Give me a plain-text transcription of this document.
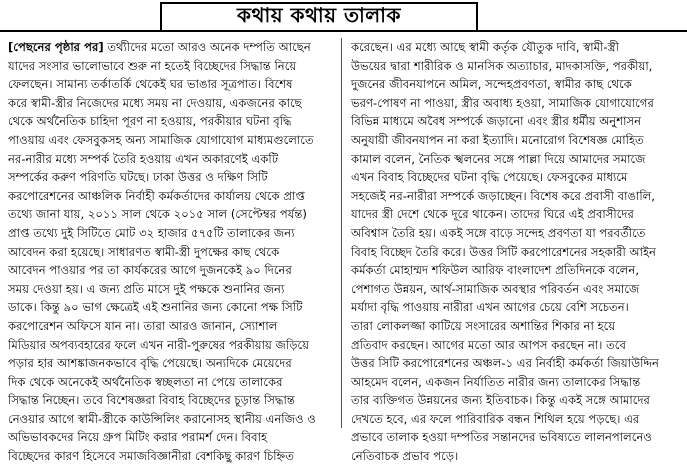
কথায় কথায় তালাক
[পেছনের পৃষ্ঠার পর] তথ্যীদের মতো আরও অনেক দম্পতি আছেন
যাদের সংসার ভালোভাবে শুরু না হতেই বিচ্ছেদের সিদ্ধান্ত নিয়ে
ফেলছেন। সামান্য তর্কাতর্কি থেকেই ঘর ভাঙার সূত্রপাত। বিশেষ
করে স্বামী-স্ত্রীর নিজেদের মধ্যে সময় না দেওয়ায়, একজনের কাছে
থেকে অর্থনৈতিক চাহিদা পূরণ না হওয়ায়, পরকীয়ার ঘটনা বৃদ্ধি
পাওয়ায় এবং ফেসবুকসহ অন্য সামাজিক যোগাযোগ মাধ্যমগুলোতে
নর-নারীর মধ্যে সম্পর্ক তৈরি হওয়ায় এখন অকারণেই একটি
সম্পর্কের করুণ পরিণতি ঘটছে। ঢাকা উত্তর ও দক্ষিণ সিটি
করপোরেশনের আঞ্চলিক নির্বাহী কর্মকর্তাদের কার্যালয় থেকে প্রাপ্ত
তথ্যে জানা যায়, ২০১১ সাল থেকে ২০১৫ সাল (সেপ্টেম্বর পর্যন্ত)
প্রাপ্ত তথ্যে দুই সিটিতে মোট ৩২ হাজার ৫৭৫টি তালাকের জন্য
আবেদন করা হয়েছে। সাধারণত স্বামী-স্ত্রী দুপক্ষের কাছ থেকে
আবেদন পাওয়ার পর তা কার্যকরের আগে দুজনকেই ৯০ দিনের
সময় দেওয়া হয়। এ জন্য প্রতি মাসে দুই পক্ষকে শুনানির জন্য
ডাকে। কিন্তু ৯০ ভাগ ক্ষেত্রেই এই শুনানির জন্য কোনো পক্ষ সিটি
করপোরেশন অফিসে যান না। তারা আরও জানান, স্যোশাল
মিডিয়ার অপব্যবহারের ফলে এখন নারী-পুরুষের পরকীয়ায় জড়িয়ে
পড়ার হার আশঙ্কাজনকভাবে বৃদ্ধি পেয়েছে। অন্যদিকে মেয়েদের
দিক থেকে অনেকেই অর্থনৈতিক স্বচ্ছলতা না পেয়ে তালাকের
সিদ্ধান্ত নিচ্ছেন। তবে বিশেষজ্ঞরা বিবাহ বিচ্ছেদের চূড়ান্ত সিদ্ধান্ত
নেওয়ার আগে স্বামী-স্ত্রীকে কাউন্সিলিং করানোসহ স্থানীয় এনজিও ও
অভিভাবকদের নিয়ে গ্রুপ মিটিং করার পরামর্শ দেন। বিবাহ
বিচ্ছেদের কারণ হিসেবে সমাজবিজ্ঞানীরা বেশকিছু কারণ চিহ্নিত
করেছেন। এর মধ্যে আছে স্বামী কর্তৃক যৌতুক দাবি, স্বামী-স্ত্রী
উভয়ের দ্বারা শারীরিক ও মানসিক অত্যাচার, মাদকাসক্তি, পরকীয়া,
দুজনের জীবনযাপনে অমিল, সন্দেহপ্রবণতা, স্বামীর কাছ থেকে
ভরণ-পোষণ না পাওয়া, স্ত্রীর অবাধ্য হওয়া, সামাজিক যোগাযোগের
বিভিন্ন মাধ্যমে অবৈধ সম্পর্কে জড়ানো এবং স্ত্রীর ধর্মীয় অনুশাসন
অনুযায়ী জীবনযাপন না করা ইত্যাদি। মনোরোগ বিশেষজ্ঞ মোহিত
কামাল বলেন, নৈতিক স্খলনের সঙ্গে পাল্লা দিয়ে আমাদের সমাজে
এখন বিবাহ বিচ্ছেদের ঘটনা বৃদ্ধি পেয়েছে। ফেসবুকের মাধ্যমে
সহজেই নর-নারীরা সম্পর্কে জড়াচ্ছেন। বিশেষ করে প্রবাসী বাঙালি,
যাদের স্ত্রী দেশে থেকে দূরে থাকেন। তাদের ঘিরে এই প্রবাসীদের
অবিশ্বাস তৈরি হয়। একই সঙ্গে বাড়ে সন্দেহ প্রবণতা যা পরবর্তীতে
বিবাহ বিচ্ছেদ তৈরি করে। উত্তর সিটি করপোরেশনের সহকারী আইন
কর্মকর্তা মোহাম্মদ শফিউল আরিফ বাংলাদেশ প্রতিদিনকে বলেন,
পেশাগত উন্নয়ন, আর্থ-সামাজিক অবস্থার পরিবর্তন এবং সমাজে
মর্যাদা বৃদ্ধি পাওয়ায় নারীরা এখন আগের চেয়ে বেশি সচেতন।
তারা লোকলজ্জা কাটিয়ে সংসারের অশান্তির শিকার না হয়ে
প্রতিবাদ করছেন। আগের মতো আর আপস করছেন না। তবে
উত্তর সিটি করপোরেশনের অঞ্চল-১ এর নির্বাহী কর্মকর্তা জিয়াউদ্দিন
আহমেদ বলেন, একজন নির্যাতিত নারীর জন্য তালাকের সিদ্ধান্ত
তার ব্যক্তিগত উন্নয়নের জন্য ইতিবাচক। কিন্তু একই সঙ্গে আমাদের
দেখতে হবে, এর ফলে পারিবারিক বন্ধন শিথিল হয়ে পড়ছে। এর
প্রভাবে তালাক হওয়া দম্পতির সন্তানদের ভবিষ্যতে লালনপালনেও
নেতিবাচক প্রভাব পড়ে।
